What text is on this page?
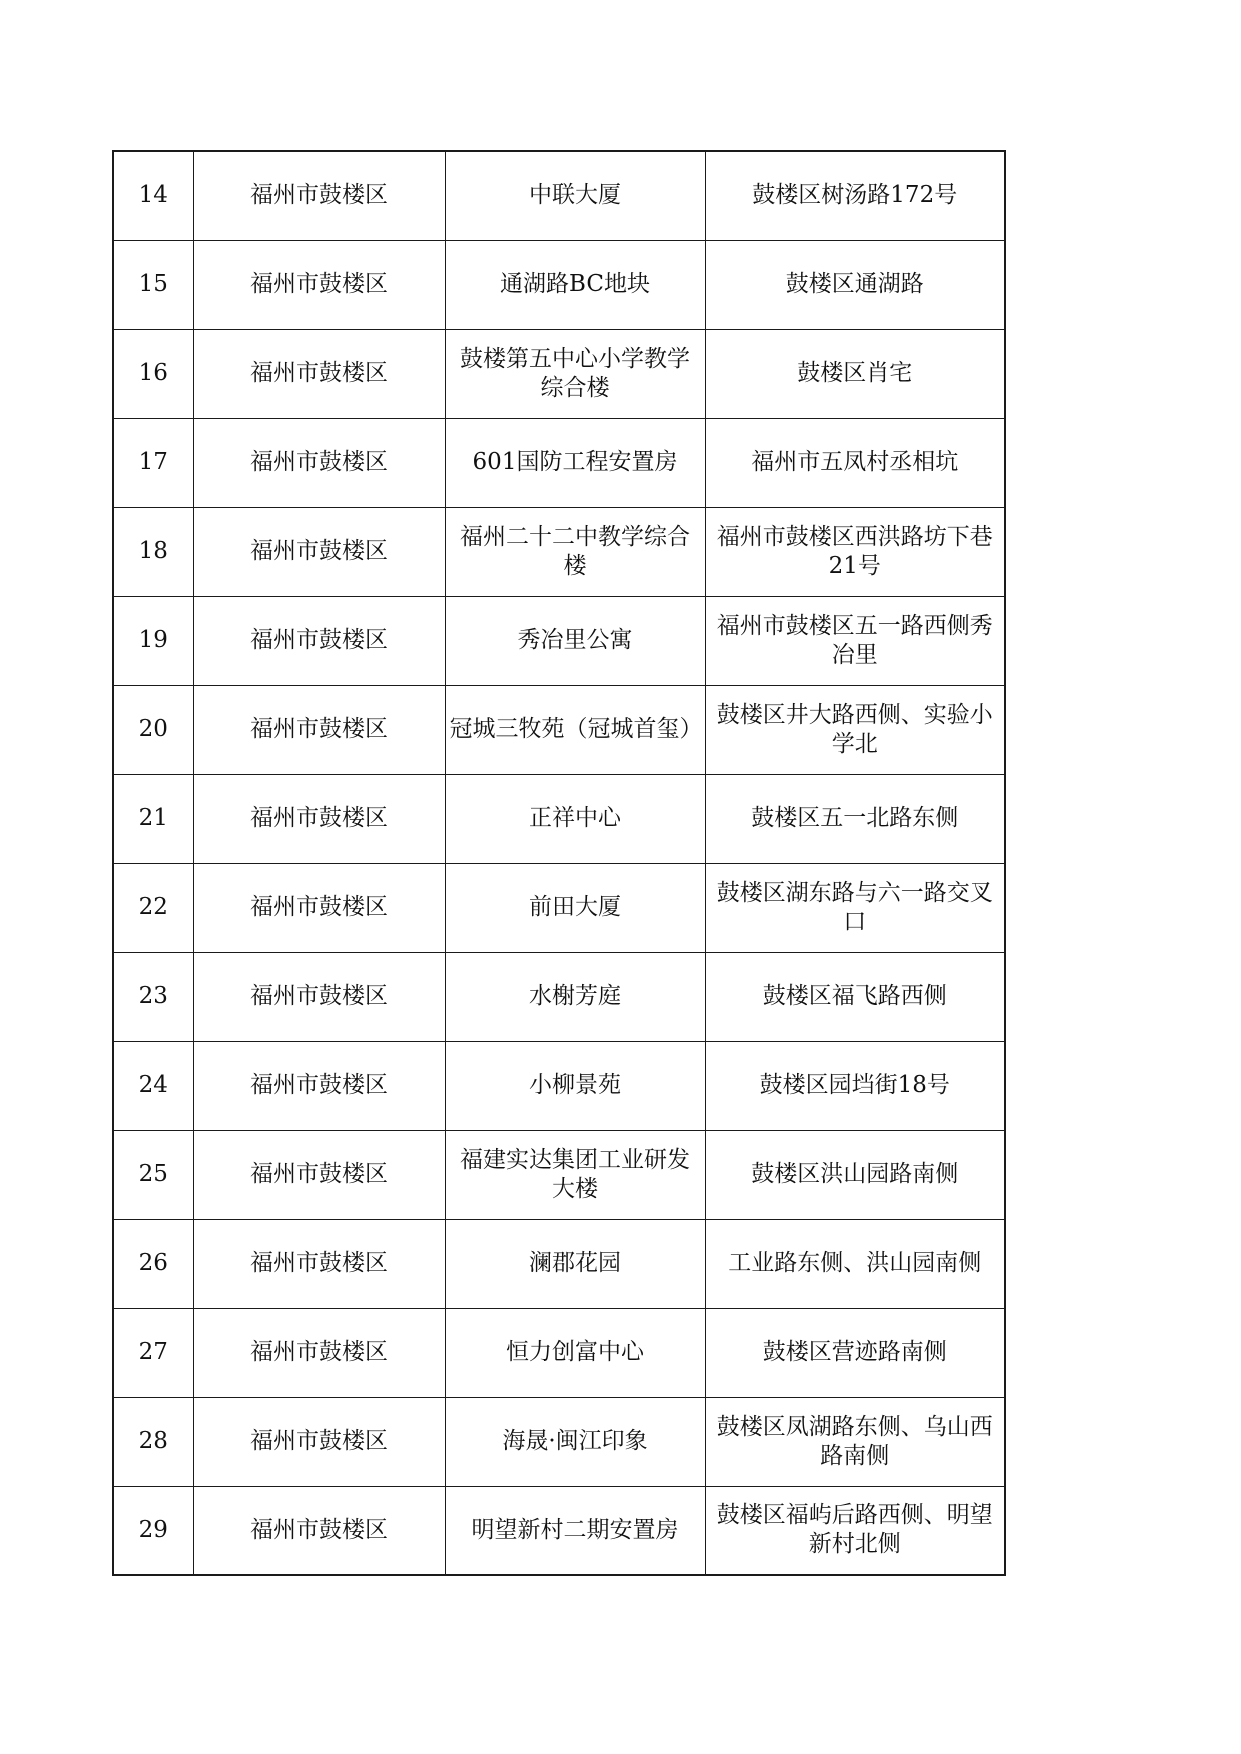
14	福州市鼓楼区	中联大厦	鼓楼区树汤路172号
15	福州市鼓楼区	通湖路BC地块	鼓楼区通湖路
16	福州市鼓楼区	鼓楼第五中心小学教学综合楼	鼓楼区肖宅
17	福州市鼓楼区	601国防工程安置房	福州市五凤村丞相坑
18	福州市鼓楼区	福州二十二中教学综合楼	福州市鼓楼区西洪路坊下巷21号
19	福州市鼓楼区	秀冶里公寓	福州市鼓楼区五一路西侧秀冶里
20	福州市鼓楼区	冠城三牧苑（冠城首玺）	鼓楼区井大路西侧、实验小学北
21	福州市鼓楼区	正祥中心	鼓楼区五一北路东侧
22	福州市鼓楼区	前田大厦	鼓楼区湖东路与六一路交叉口
23	福州市鼓楼区	水榭芳庭	鼓楼区福飞路西侧
24	福州市鼓楼区	小柳景苑	鼓楼区园垱街18号
25	福州市鼓楼区	福建实达集团工业研发大楼	鼓楼区洪山园路南侧
26	福州市鼓楼区	澜郡花园	工业路东侧、洪山园南侧
27	福州市鼓楼区	恒力创富中心	鼓楼区营迹路南侧
28	福州市鼓楼区	海晟·闽江印象	鼓楼区凤湖路东侧、乌山西路南侧
29	福州市鼓楼区	明望新村二期安置房	鼓楼区福屿后路西侧、明望新村北侧
